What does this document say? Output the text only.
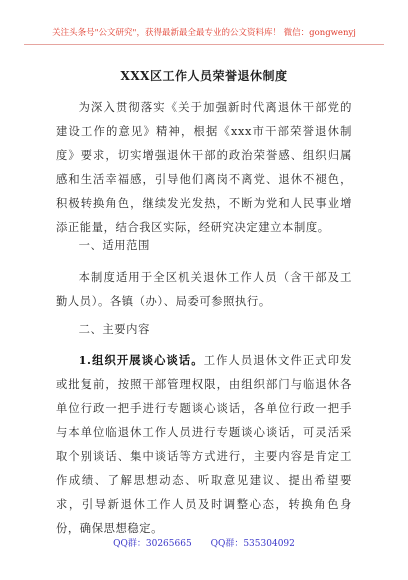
关注头条号"公文研究"，获得最新最全最专业的公文资料库！ 微信：gongwenyj
XXX区工作人员荣誉退休制度

为深入贯彻落实《关于加强新时代离退休干部党的建设工作的意见》精神，根据《xxx市干部荣誉退休制度》要求，切实增强退休干部的政治荣誉感、组织归属感和生活幸福感，引导他们离岗不离党、退休不褪色，积极转换角色，继续发光发热，不断为党和人民事业增添正能量，结合我区实际，经研究决定建立本制度。

一、适用范围

本制度适用于全区机关退休工作人员（含干部及工勤人员）。各镇（办）、局委可参照执行。

二、主要内容

1.组织开展谈心谈话。工作人员退休文件正式印发或批复前，按照干部管理权限，由组织部门与临退休各单位行政一把手进行专题谈心谈话，各单位行政一把手与本单位临退休工作人员进行专题谈心谈话，可灵活采取个别谈话、集中谈话等方式进行，主要内容是肯定工作成绩、了解思想动态、听取意见建议、提出希望要求，引导新退休工作人员及时调整心态，转换角色身份，确保思想稳定。

QQ群：30265665 QQ群：535304092
